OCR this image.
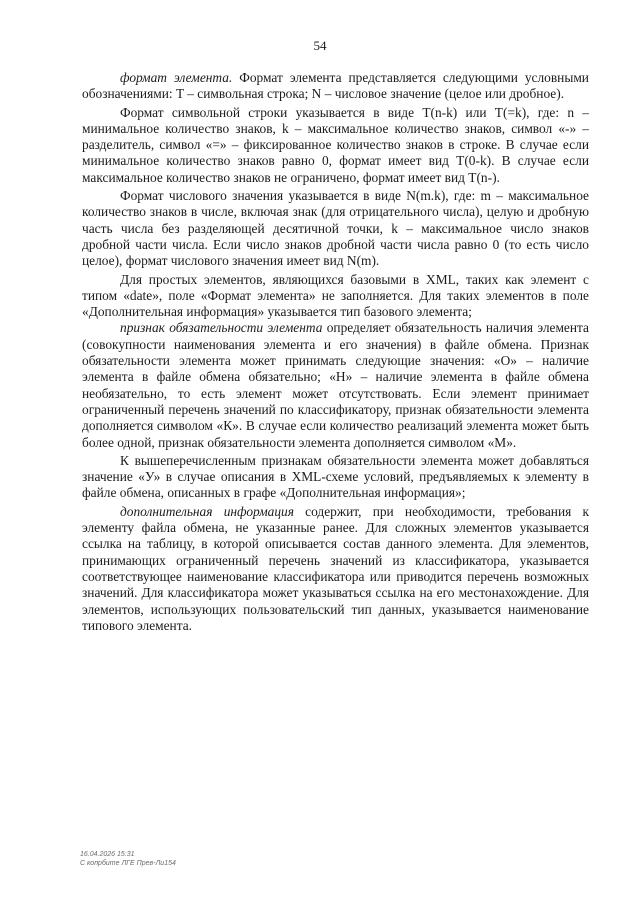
54

формат элемента. Формат элемента представляется следующими условными обозначениями: T – символьная строка; N – числовое значение (целое или дробное).

Формат символьной строки указывается в виде T(n-k) или T(=k), где: n – минимальное количество знаков, k – максимальное количество знаков, символ «-» – разделитель, символ «=» – фиксированное количество знаков в строке. В случае если минимальное количество знаков равно 0, формат имеет вид T(0-k). В случае если максимальное количество знаков не ограничено, формат имеет вид T(n-).

Формат числового значения указывается в виде N(m.k), где: m – максимальное количество знаков в числе, включая знак (для отрицательного числа), целую и дробную часть числа без разделяющей десятичной точки, k – максимальное число знаков дробной части числа. Если число знаков дробной части числа равно 0 (то есть число целое), формат числового значения имеет вид N(m).

Для простых элементов, являющихся базовыми в XML, таких как элемент с типом «date», поле «Формат элемента» не заполняется. Для таких элементов в поле «Дополнительная информация» указывается тип базового элемента;

признак обязательности элемента определяет обязательность наличия элемента (совокупности наименования элемента и его значения) в файле обмена. Признак обязательности элемента может принимать следующие значения: «О» – наличие элемента в файле обмена обязательно; «Н» – наличие элемента в файле обмена необязательно, то есть элемент может отсутствовать. Если элемент принимает ограниченный перечень значений по классификатору, признак обязательности элемента дополняется символом «К». В случае если количество реализаций элемента может быть более одной, признак обязательности элемента дополняется символом «М».

К вышеперечисленным признакам обязательности элемента может добавляться значение «У» в случае описания в XML-схеме условий, предъявляемых к элементу в файле обмена, описанных в графе «Дополнительная информация»;

дополнительная информация содержит, при необходимости, требования к элементу файла обмена, не указанные ранее. Для сложных элементов указывается ссылка на таблицу, в которой описывается состав данного элемента. Для элементов, принимающих ограниченный перечень значений из классификатора, указывается соответствующее наименование классификатора или приводится перечень возможных значений. Для классификатора может указываться ссылка на его местонахождение. Для элементов, использующих пользовательский тип данных, указывается наименование типового элемента.

16.04.2026 15:31
С копрбите ЛГЕ Прев-Ли154
